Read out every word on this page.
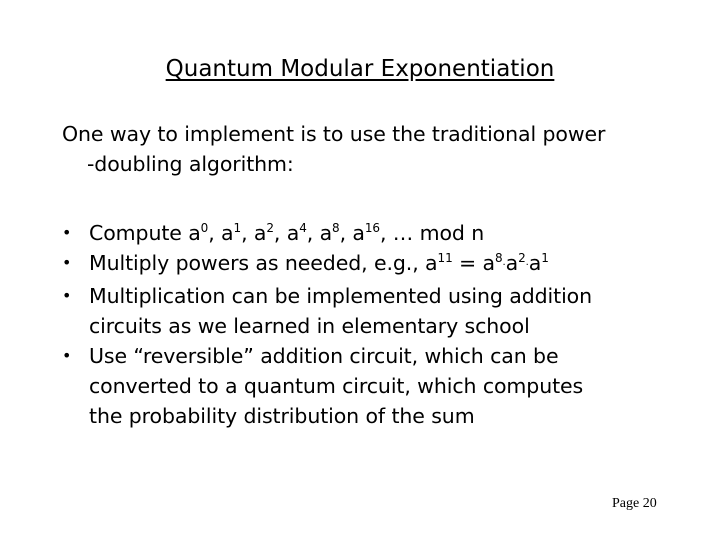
Quantum Modular Exponentiation
One way to implement is to use the traditional power
-doubling algorithm:
• Compute $a^0$, $a^1$, $a^2$, $a^4$, $a^8$, $a^{16}$, … mod n
• Multiply powers as needed, e.g., $a^{11} = a^8\cdot a^2\cdot a^1$
• Multiplication can be implemented using addition
circuits as we learned in elementary school
• Use “reversible” addition circuit, which can be
converted to a quantum circuit, which computes
the probability distribution of the sum
Page 20
